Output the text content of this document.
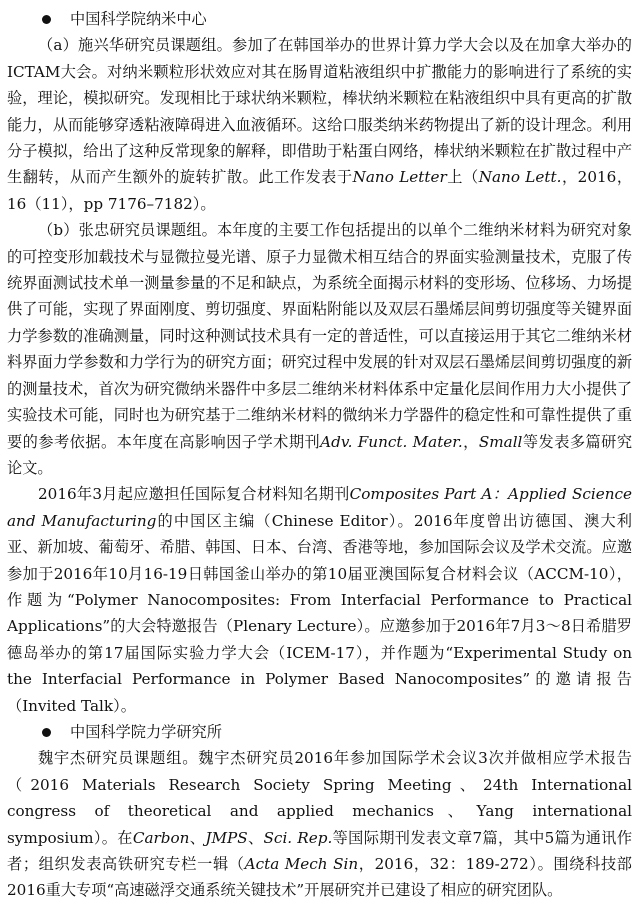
中国科学院纳米中心

（a）施兴华研究员课题组。参加了在韩国举办的世界计算力学大会以及在加拿大举办的ICTAM大会。对纳米颗粒形状效应对其在肠胃道粘液组织中扩撒能力的影响进行了系统的实验，理论，模拟研究。发现相比于球状纳米颗粒，棒状纳米颗粒在粘液组织中具有更高的扩散能力，从而能够穿透粘液障碍进入血液循环。这给口服类纳米药物提出了新的设计理念。利用分子模拟，给出了这种反常现象的解释，即借助于粘蛋白网络，棒状纳米颗粒在扩散过程中产生翻转，从而产生额外的旋转扩散。此工作发表于Nano Letter上（Nano Lett.，2016，16（11），pp 7176–7182）。

（b）张忠研究员课题组。本年度的主要工作包括提出的以单个二维纳米材料为研究对象的可控变形加载技术与显微拉曼光谱、原子力显微术相互结合的界面实验测量技术，克服了传统界面测试技术单一测量参量的不足和缺点，为系统全面揭示材料的变形场、位移场、力场提供了可能，实现了界面刚度、剪切强度、界面粘附能以及双层石墨烯层间剪切强度等关键界面力学参数的准确测量，同时这种测试技术具有一定的普适性，可以直接运用于其它二维纳米材料界面力学参数和力学行为的研究方面；研究过程中发展的针对双层石墨烯层间剪切强度的新的测量技术，首次为研究微纳米器件中多层二维纳米材料体系中定量化层间作用力大小提供了实验技术可能，同时也为研究基于二维纳米材料的微纳米力学器件的稳定性和可靠性提供了重要的参考依据。本年度在高影响因子学术期刊Adv. Funct. Mater.，Small等发表多篇研究论文。

2016年3月起应邀担任国际复合材料知名期刊Composites Part A：Applied Science and Manufacturing的中国区主编（Chinese Editor）。2016年度曾出访德国、澳大利亚、新加坡、葡萄牙、希腊、韩国、日本、台湾、香港等地，参加国际会议及学术交流。应邀参加于2016年10月16-19日韩国釜山举办的第10届亚澳国际复合材料会议（ACCM-10），作题为“Polymer Nanocomposites: From Interfacial Performance to Practical Applications”的大会特邀报告（Plenary Lecture）。应邀参加于2016年7月3～8日希腊罗德岛举办的第17届国际实验力学大会（ICEM-17），并作题为“Experimental Study on the Interfacial Performance in Polymer Based Nanocomposites”的邀请报告（Invited Talk）。

中国科学院力学研究所

魏宇杰研究员课题组。魏宇杰研究员2016年参加国际学术会议3次并做相应学术报告（2016 Materials Research Society Spring Meeting、24th International congress of theoretical and applied mechanics、Yang international symposium）。在Carbon、JMPS、Sci. Rep.等国际期刊发表文章7篇，其中5篇为通讯作者；组织发表高铁研究专栏一辑（Acta Mech Sin，2016，32：189-272）。围绕科技部2016重大专项“高速磁浮交通系统关键技术”开展研究并已建设了相应的研究团队。
